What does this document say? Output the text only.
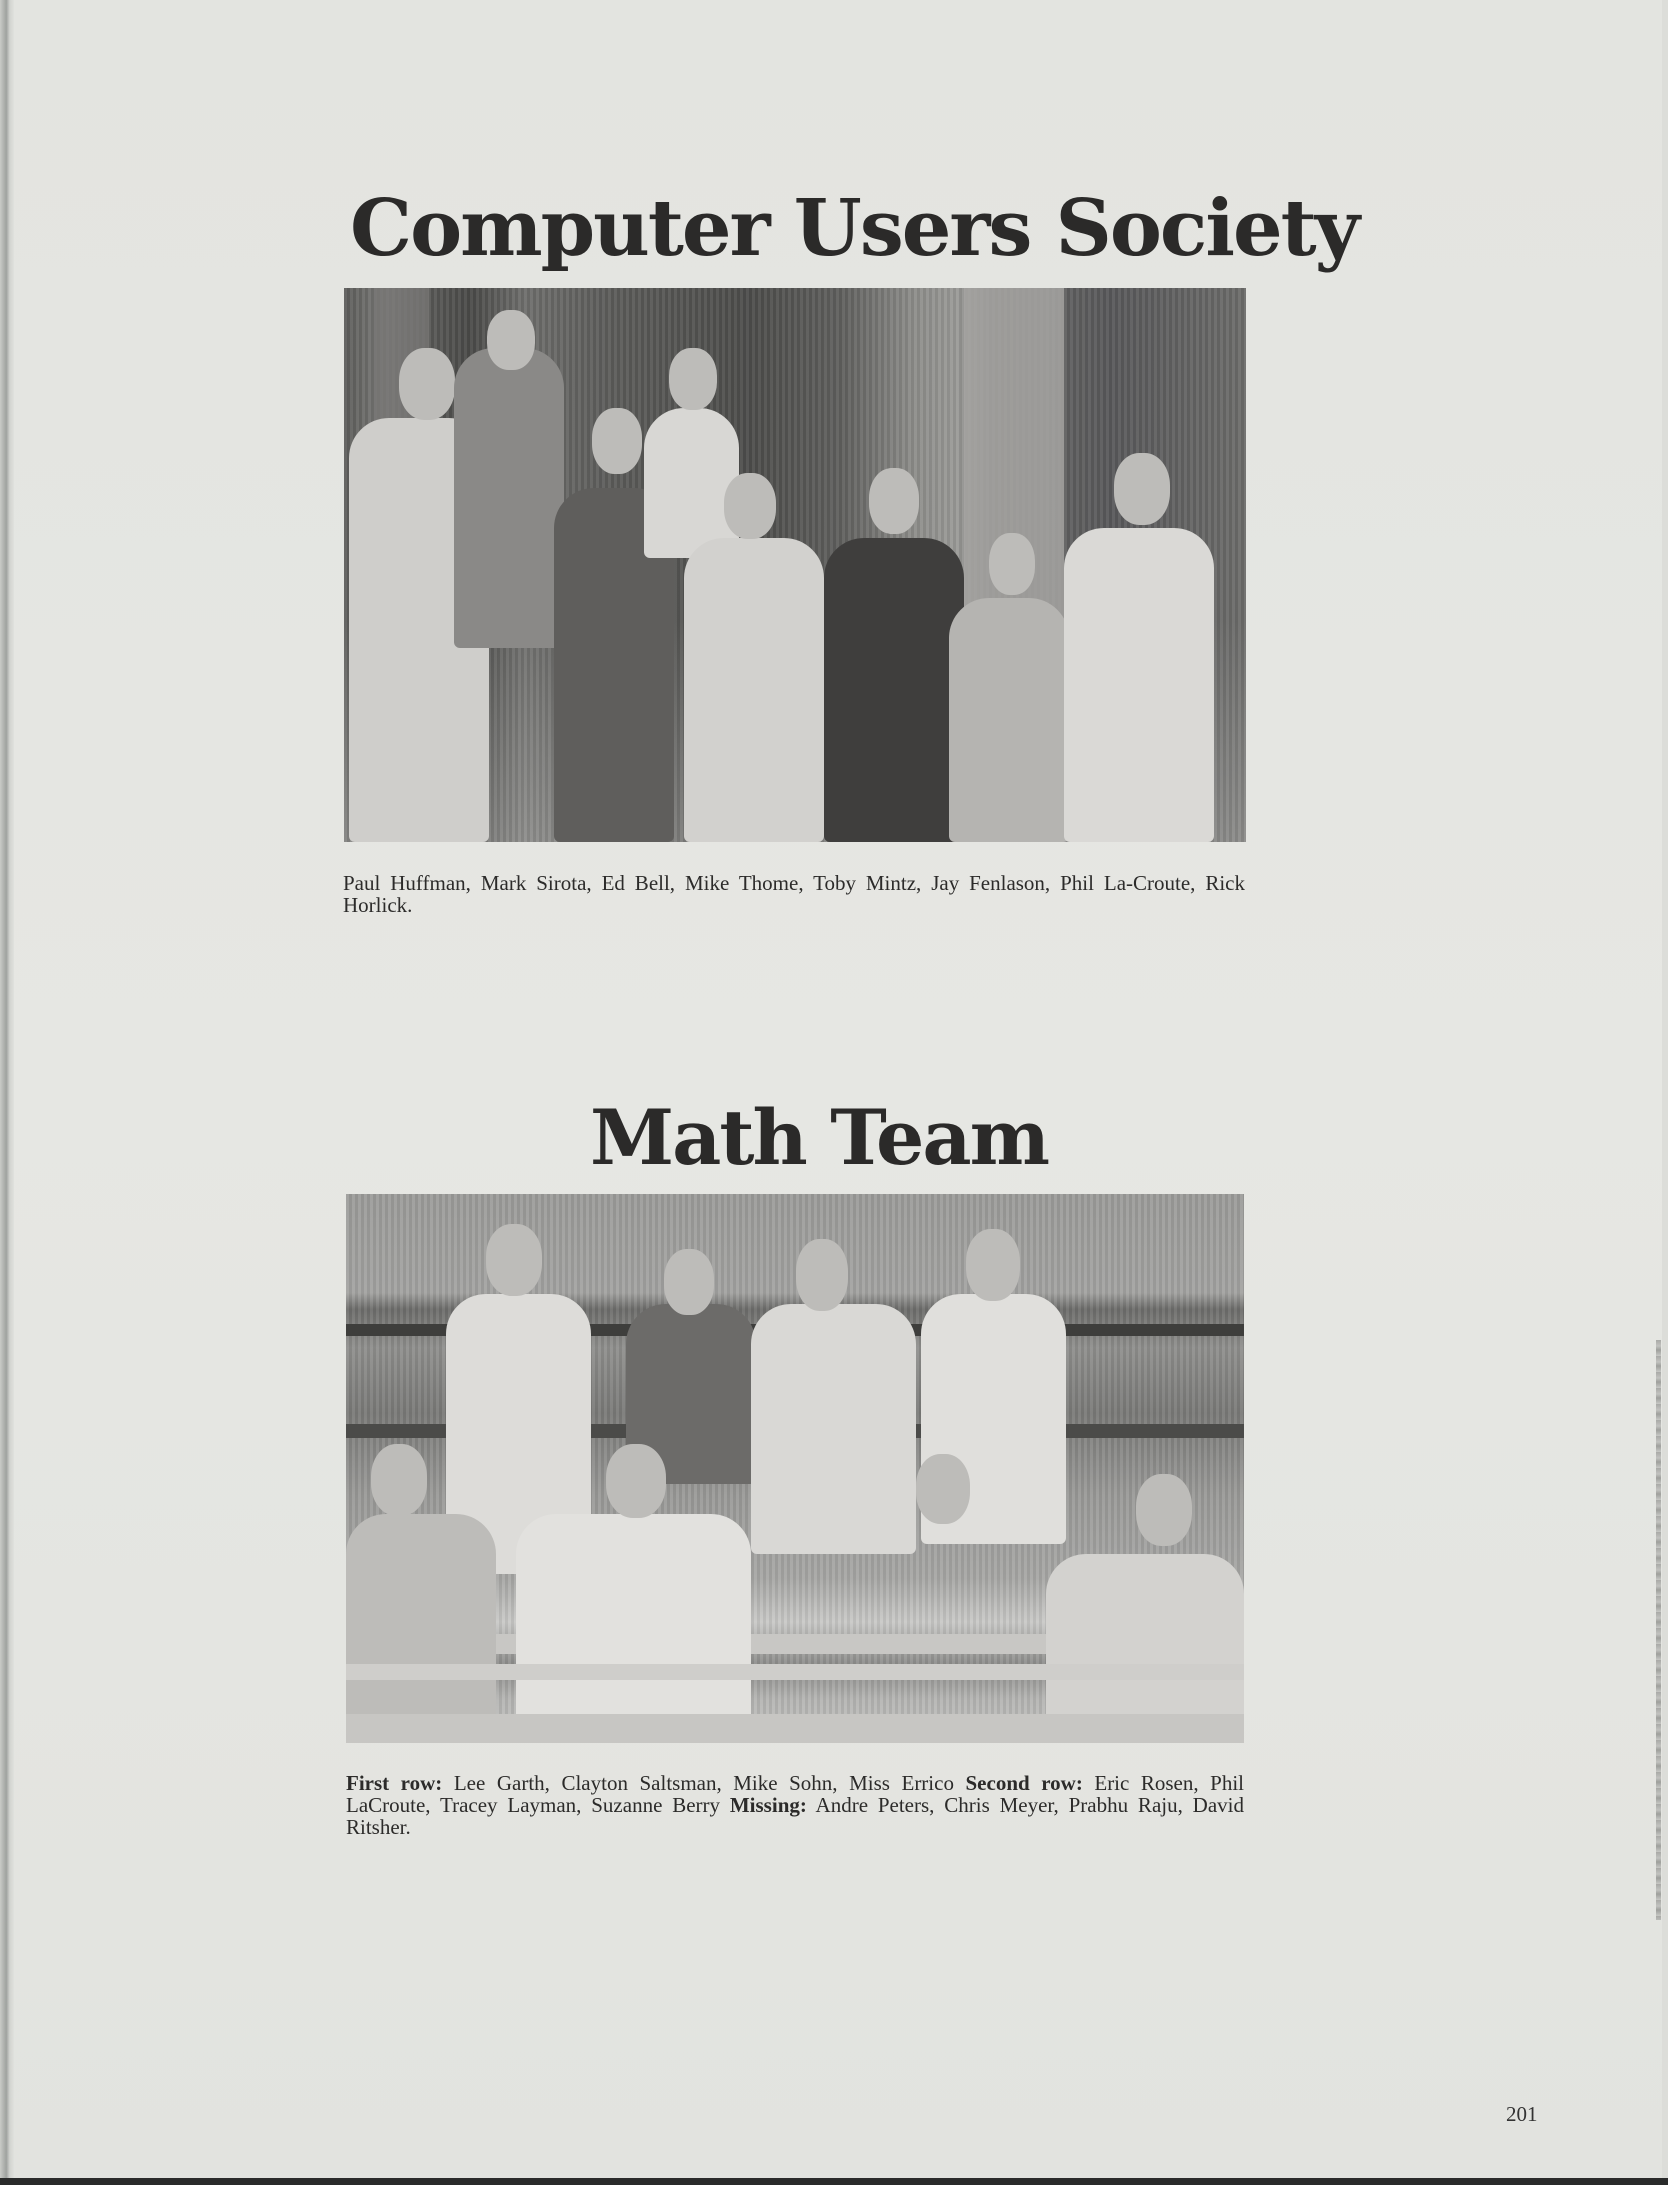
Computer Users Society

Paul Huffman, Mark Sirota, Ed Bell, Mike Thome, Toby Mintz, Jay Fenlason, Phil La-Croute, Rick Horlick.

Math Team

First row: Lee Garth, Clayton Saltsman, Mike Sohn, Miss Errico Second row: Eric Rosen, Phil LaCroute, Tracey Layman, Suzanne Berry Missing: Andre Peters, Chris Meyer, Prabhu Raju, David Ritsher.

201
